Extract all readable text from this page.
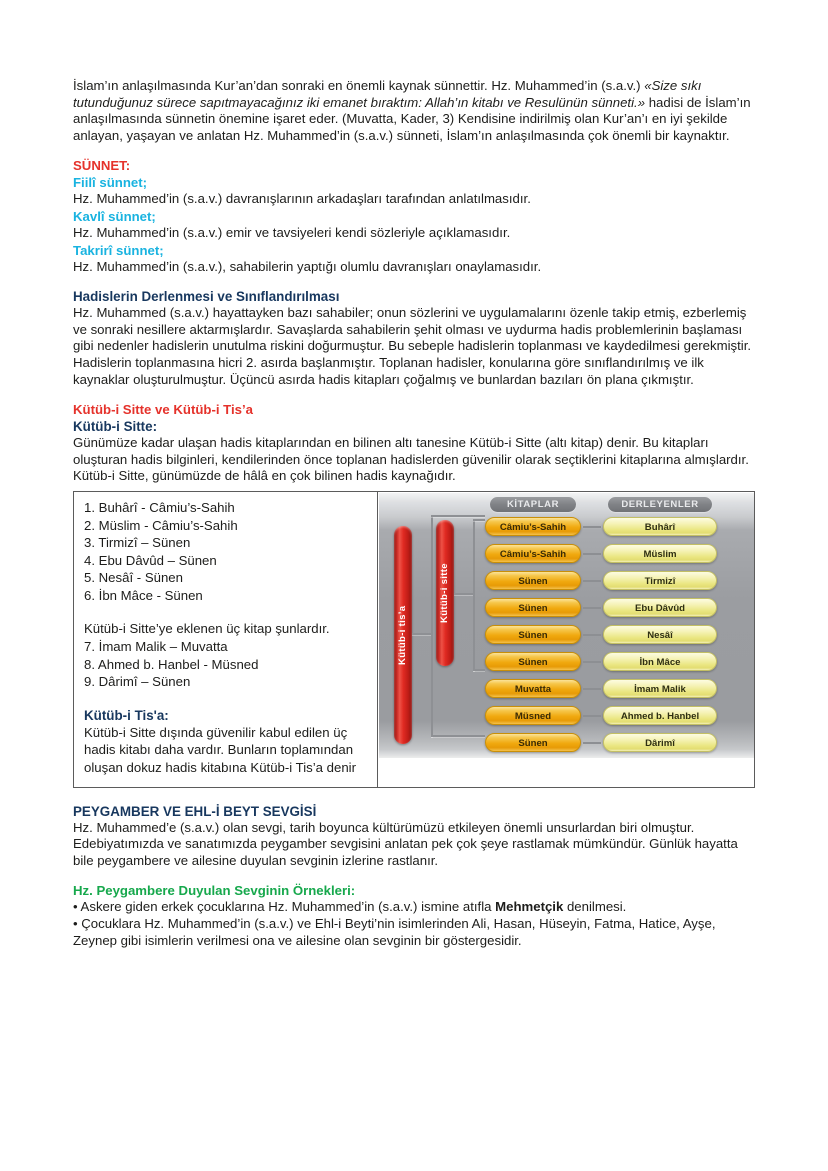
İslam’ın anlaşılmasında Kur’an’dan sonraki en önemli kaynak sünnettir. Hz. Muhammed’in (s.a.v.) «Size sıkı tutunduğunuz sürece sapıtmayacağınız iki emanet bıraktım: Allah’ın kitabı ve Resulünün sünneti.» hadisi de İslam’ın anlaşılmasında sünnetin önemine işaret eder. (Muvatta, Kader, 3) Kendisine indirilmiş olan Kur’an’ı en iyi şekilde anlayan, yaşayan ve anlatan Hz. Muhammed’in (s.a.v.) sünneti, İslam’ın anlaşılmasında çok önemli bir kaynaktır.

SÜNNET:

Fiilî sünnet;

Hz. Muhammed’in (s.a.v.) davranışlarının arkadaşları tarafından anlatılmasıdır.

Kavlî sünnet;

Hz. Muhammed’in (s.a.v.) emir ve tavsiyeleri kendi sözleriyle açıklamasıdır.

Takrirî sünnet;

Hz. Muhammed’in (s.a.v.), sahabilerin yaptığı olumlu davranışları onaylamasıdır.

Hadislerin Derlenmesi ve Sınıflandırılması

Hz. Muhammed (s.a.v.) hayattayken bazı sahabiler; onun sözlerini ve uygulamalarını özenle takip etmiş, ezberlemiş ve sonraki nesillere aktarmışlardır. Savaşlarda sahabilerin şehit olması ve uydurma hadis problemlerinin başlaması gibi nedenler hadislerin unutulma riskini doğurmuştur. Bu sebeple hadislerin toplanması ve kaydedilmesi gerekmiştir. Hadislerin toplanmasına hicri 2. asırda başlanmıştır. Toplanan hadisler, konularına göre sınıflandırılmış ve ilk kaynaklar oluşturulmuştur. Üçüncü asırda hadis kitapları çoğalmış ve bunlardan bazıları ön plana çıkmıştır.

Kütüb-i Sitte ve Kütüb-i Tis’a

Kütüb-i Sitte:

Günümüze kadar ulaşan hadis kitaplarından en bilinen altı tanesine Kütüb-i Sitte (altı kitap) denir. Bu kitapları oluşturan hadis bilginleri, kendilerinden önce toplanan hadislerden güvenilir olarak seçtiklerini kitaplarına almışlardır. Kütüb-i Sitte, günümüzde de hâlâ en çok bilinen hadis kaynağıdır.

1. Buhârî - Câmiu’s-Sahih
2. Müslim - Câmiu’s-Sahih
3. Tirmizî – Sünen
4. Ebu Dâvûd – Sünen
5. Nesâî - Sünen
6. İbn Mâce - Sünen
Kütüb-i Sitte’ye eklenen üç kitap şunlardır.
7. İmam Malik – Muvatta
8. Ahmed b. Hanbel - Müsned
9. Dârimî – Sünen
Kütüb-i Tis'a:
Kütüb-i Sitte dışında güvenilir kabul edilen üç hadis kitabı daha vardır. Bunların toplamından oluşan dokuz hadis kitabına Kütüb-i Tis’a denir
KİTAPLAR	DERLEYENLER
Kütüb-i tis’a
Kütüb-i sitte
Câmiu’s-Sahih	Buhârî
Câmiu’s-Sahih	Müslim
Sünen	Tirmizî
Sünen	Ebu Dâvûd
Sünen	Nesâî
Sünen	İbn Mâce
Muvatta	İmam Malik
Müsned	Ahmed b. Hanbel
Sünen	Dârimî

PEYGAMBER VE EHL-İ BEYT SEVGİSİ

Hz. Muhammed’e (s.a.v.) olan sevgi, tarih boyunca kültürümüzü etkileyen önemli unsurlardan biri olmuştur. Edebiyatımızda ve sanatımızda peygamber sevgisini anlatan pek çok şeye rastlamak mümkündür. Günlük hayatta bile peygambere ve ailesine duyulan sevginin izlerine rastlanır.

Hz. Peygambere Duyulan Sevginin Örnekleri:

• Askere giden erkek çocuklarına Hz. Muhammed’in (s.a.v.) ismine atıfla Mehmetçik denilmesi.

• Çocuklara Hz. Muhammed’in (s.a.v.) ve Ehl-i Beyti’nin isimlerinden Ali, Hasan, Hüseyin, Fatma, Hatice, Ayşe, Zeynep gibi isimlerin verilmesi ona ve ailesine olan sevginin bir göstergesidir.
